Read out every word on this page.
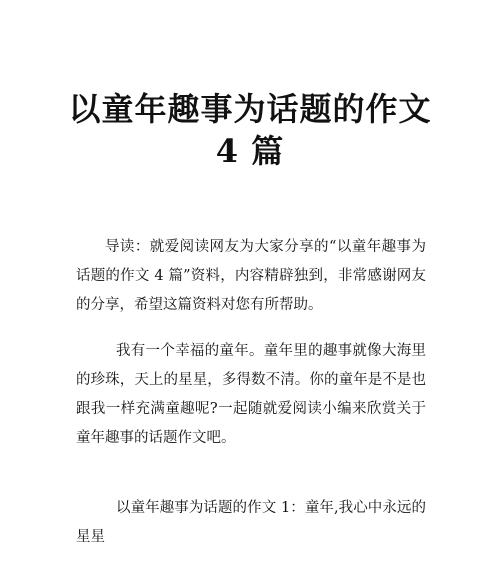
以童年趣事为话题的作文
4 篇

导读：就爱阅读网友为大家分享的“以童年趣事为话题的作文 4 篇”资料，内容精辟独到，非常感谢网友的分享，希望这篇资料对您有所帮助。

我有一个幸福的童年。童年里的趣事就像大海里的珍珠，天上的星星，多得数不清。你的童年是不是也跟我一样充满童趣呢?一起随就爱阅读小编来欣赏关于童年趣事的话题作文吧。

以童年趣事为话题的作文 1：童年,我心中永远的星星
